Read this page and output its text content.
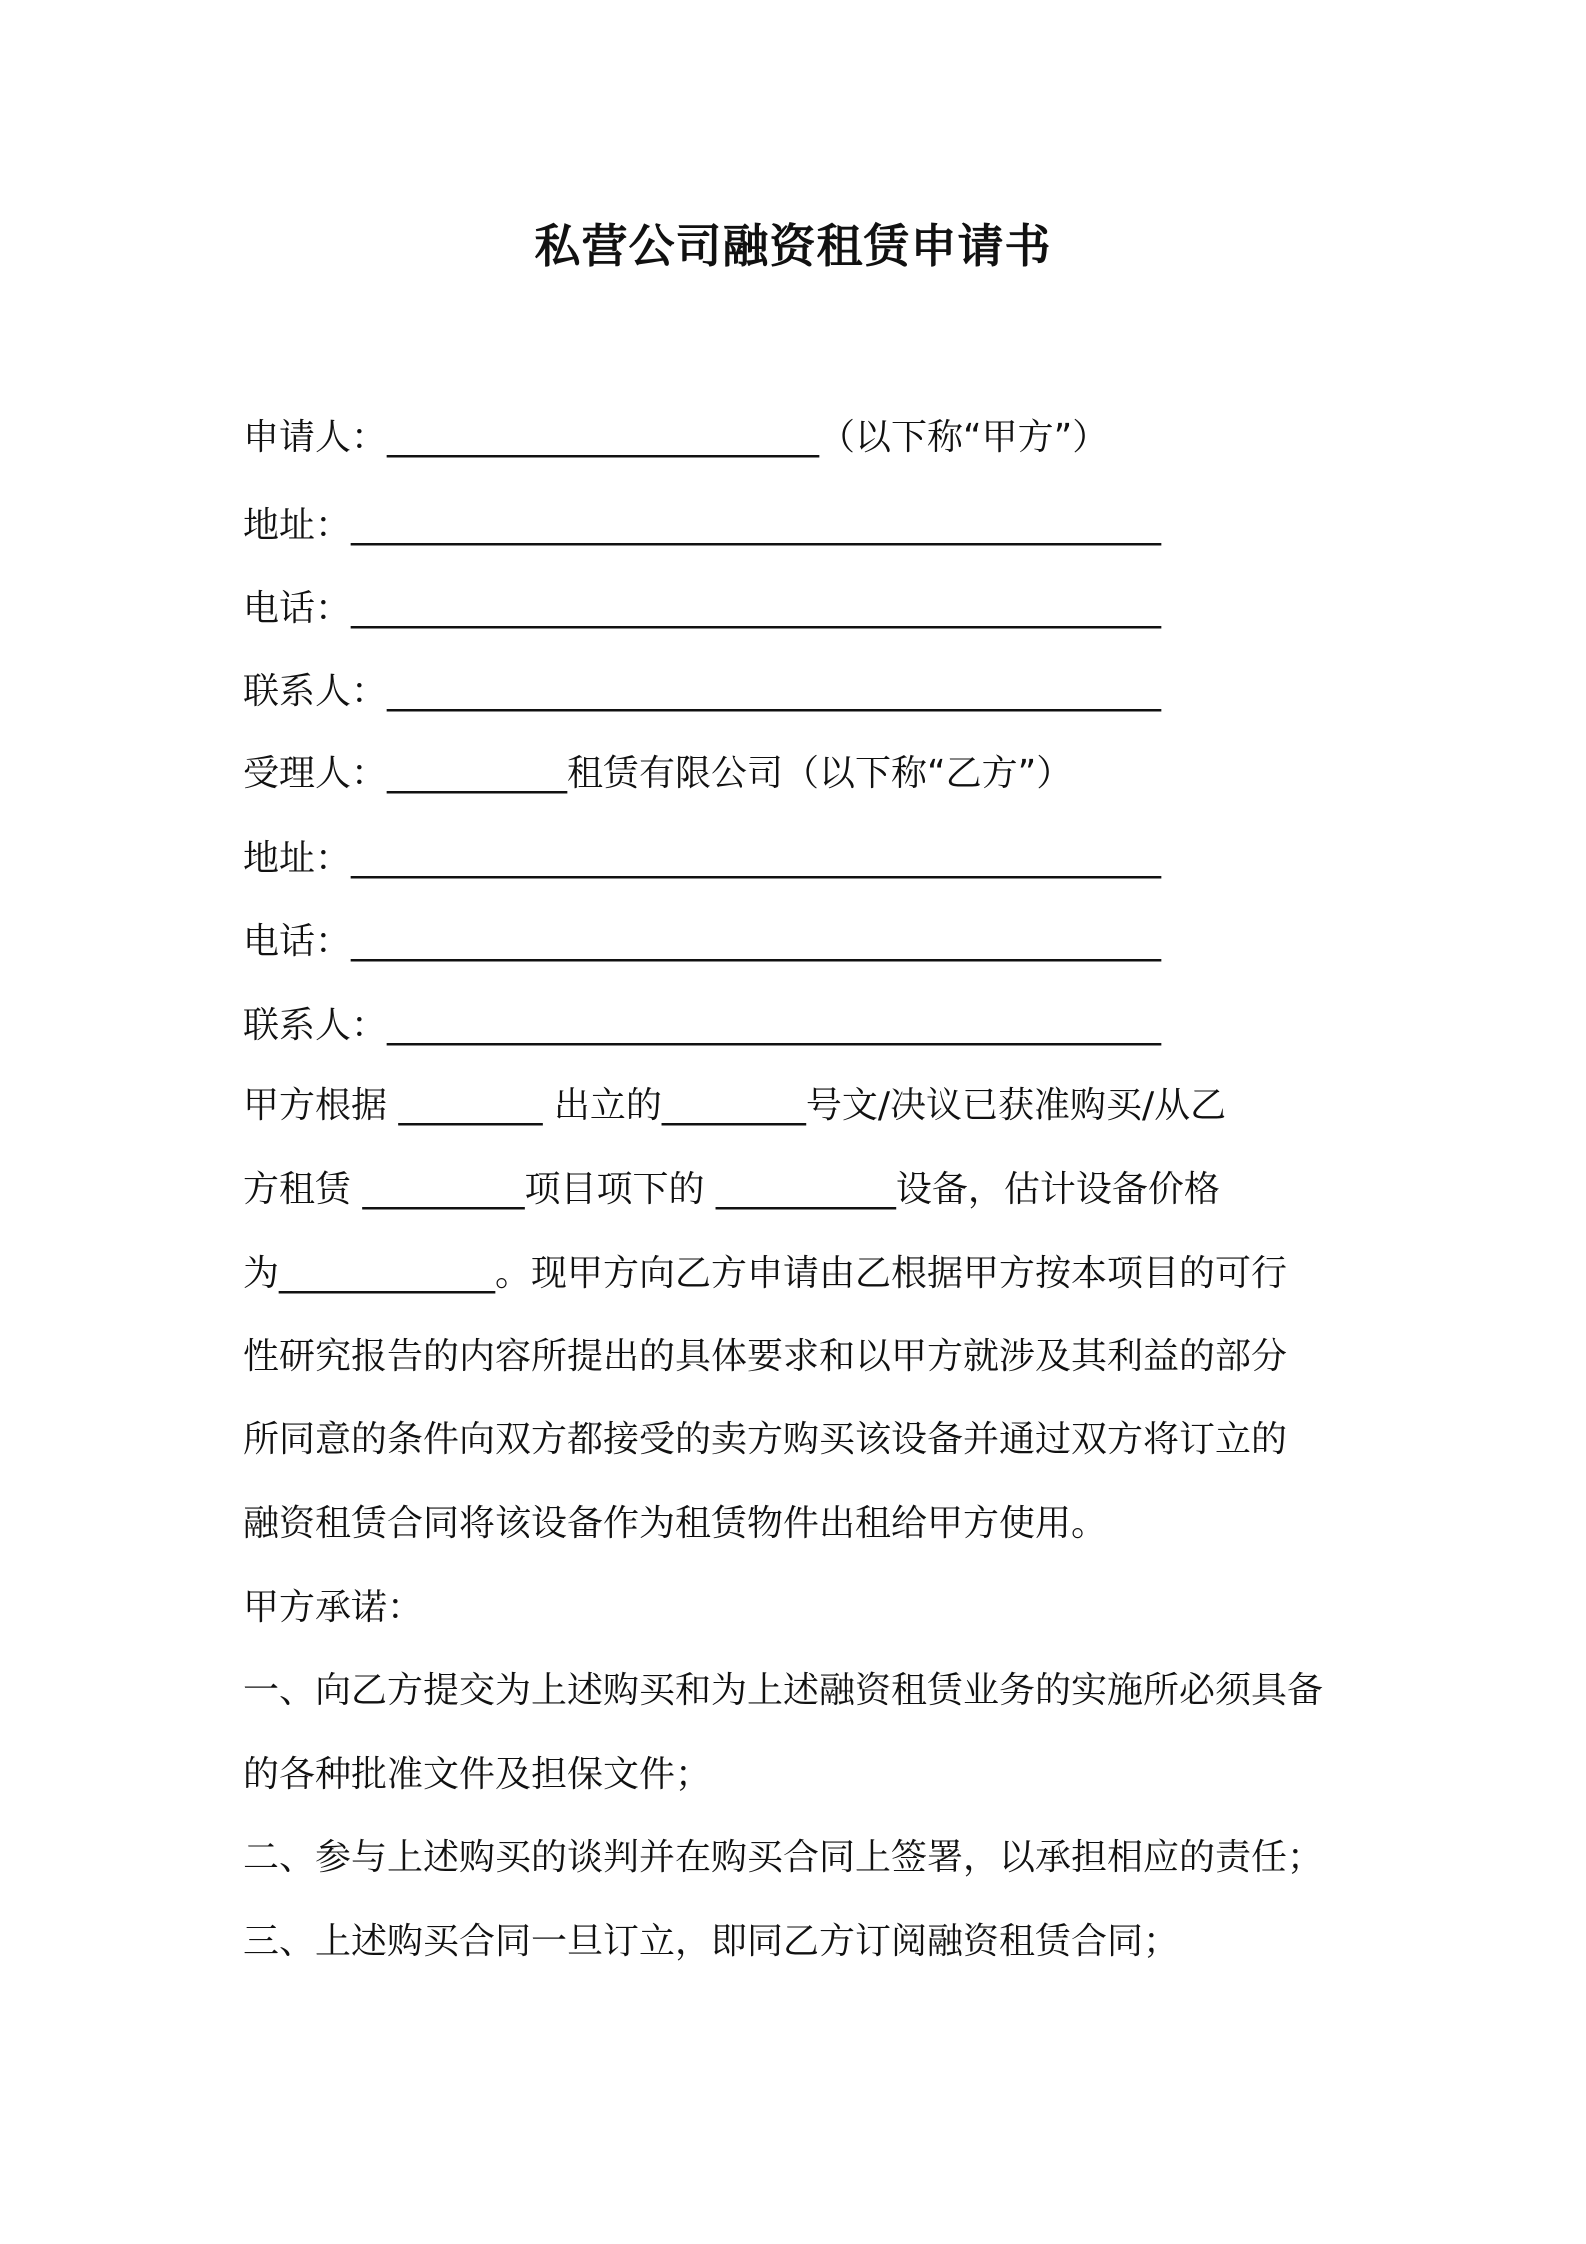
私营公司融资租赁申请书
申请人：________________________（以下称“甲方”）
地址：_____________________________________________
电话：_____________________________________________
联系人：___________________________________________
受理人：__________租赁有限公司（以下称“乙方”）
地址：_____________________________________________
电话：_____________________________________________
联系人：___________________________________________
甲方根据 ________ 出立的________号文/决议已获准购买/从乙
方租赁 _________项目项下的 __________设备，估计设备价格
为____________。现甲方向乙方申请由乙根据甲方按本项目的可行
性研究报告的内容所提出的具体要求和以甲方就涉及其利益的部分
所同意的条件向双方都接受的卖方购买该设备并通过双方将订立的
融资租赁合同将该设备作为租赁物件出租给甲方使用。
甲方承诺：
一、向乙方提交为上述购买和为上述融资租赁业务的实施所必须具备
的各种批准文件及担保文件；
二、参与上述购买的谈判并在购买合同上签署，以承担相应的责任；
三、上述购买合同一旦订立，即同乙方订阅融资租赁合同；
